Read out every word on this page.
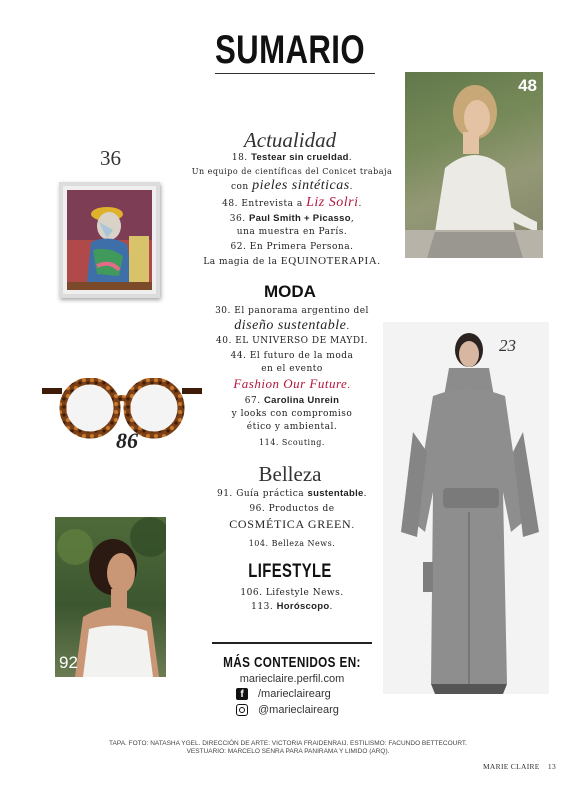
SUMARIO
48
36
Actualidad
18. Testear sin crueldad.
Un equipo de científicas del Conicet trabaja
con pieles sintéticas.
48. Entrevista a Liz Solri.
36. Paul Smith + Picasso,
una muestra en París.
62. En Primera Persona.
La magia de la EQUINOTERAPIA.
MODA
30. El panorama argentino del
diseño sustentable.
40. EL UNIVERSO DE MAYDI.
44. El futuro de la moda
en el evento
Fashion Our Future.
67. Carolina Unrein
y looks con compromiso
ético y ambiental.
114. Scouting.
86
23
Belleza
91. Guía práctica sustentable.
96. Productos de
COSMÉTICA GREEN.
104. Belleza News.
LIFESTYLE
106. Lifestyle News.
113. Horóscopo.
92	MÁS CONTENIDOS EN:
marieclaire.perfil.com
f	/marieclairearg
@marieclairearg
TAPA. FOTO: NATASHA YGEL. DIRECCIÓN DE ARTE: VICTORIA FRAIDENRAIJ. ESTILISMO: FACUNDO BETTECOURT.
VESTUARIO: MARCELO SENRA PARA PANIRAMA Y LIMIDO (ARQ).
MARIE CLAIRE 13
